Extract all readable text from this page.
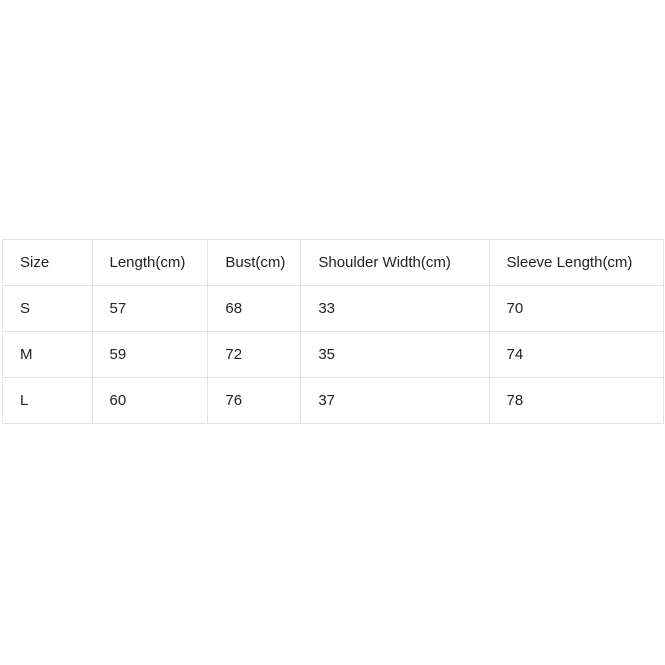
Size	Length(cm)	Bust(cm)	Shoulder Width(cm)	Sleeve Length(cm)
S	57	68	33	70
M	59	72	35	74
L	60	76	37	78
